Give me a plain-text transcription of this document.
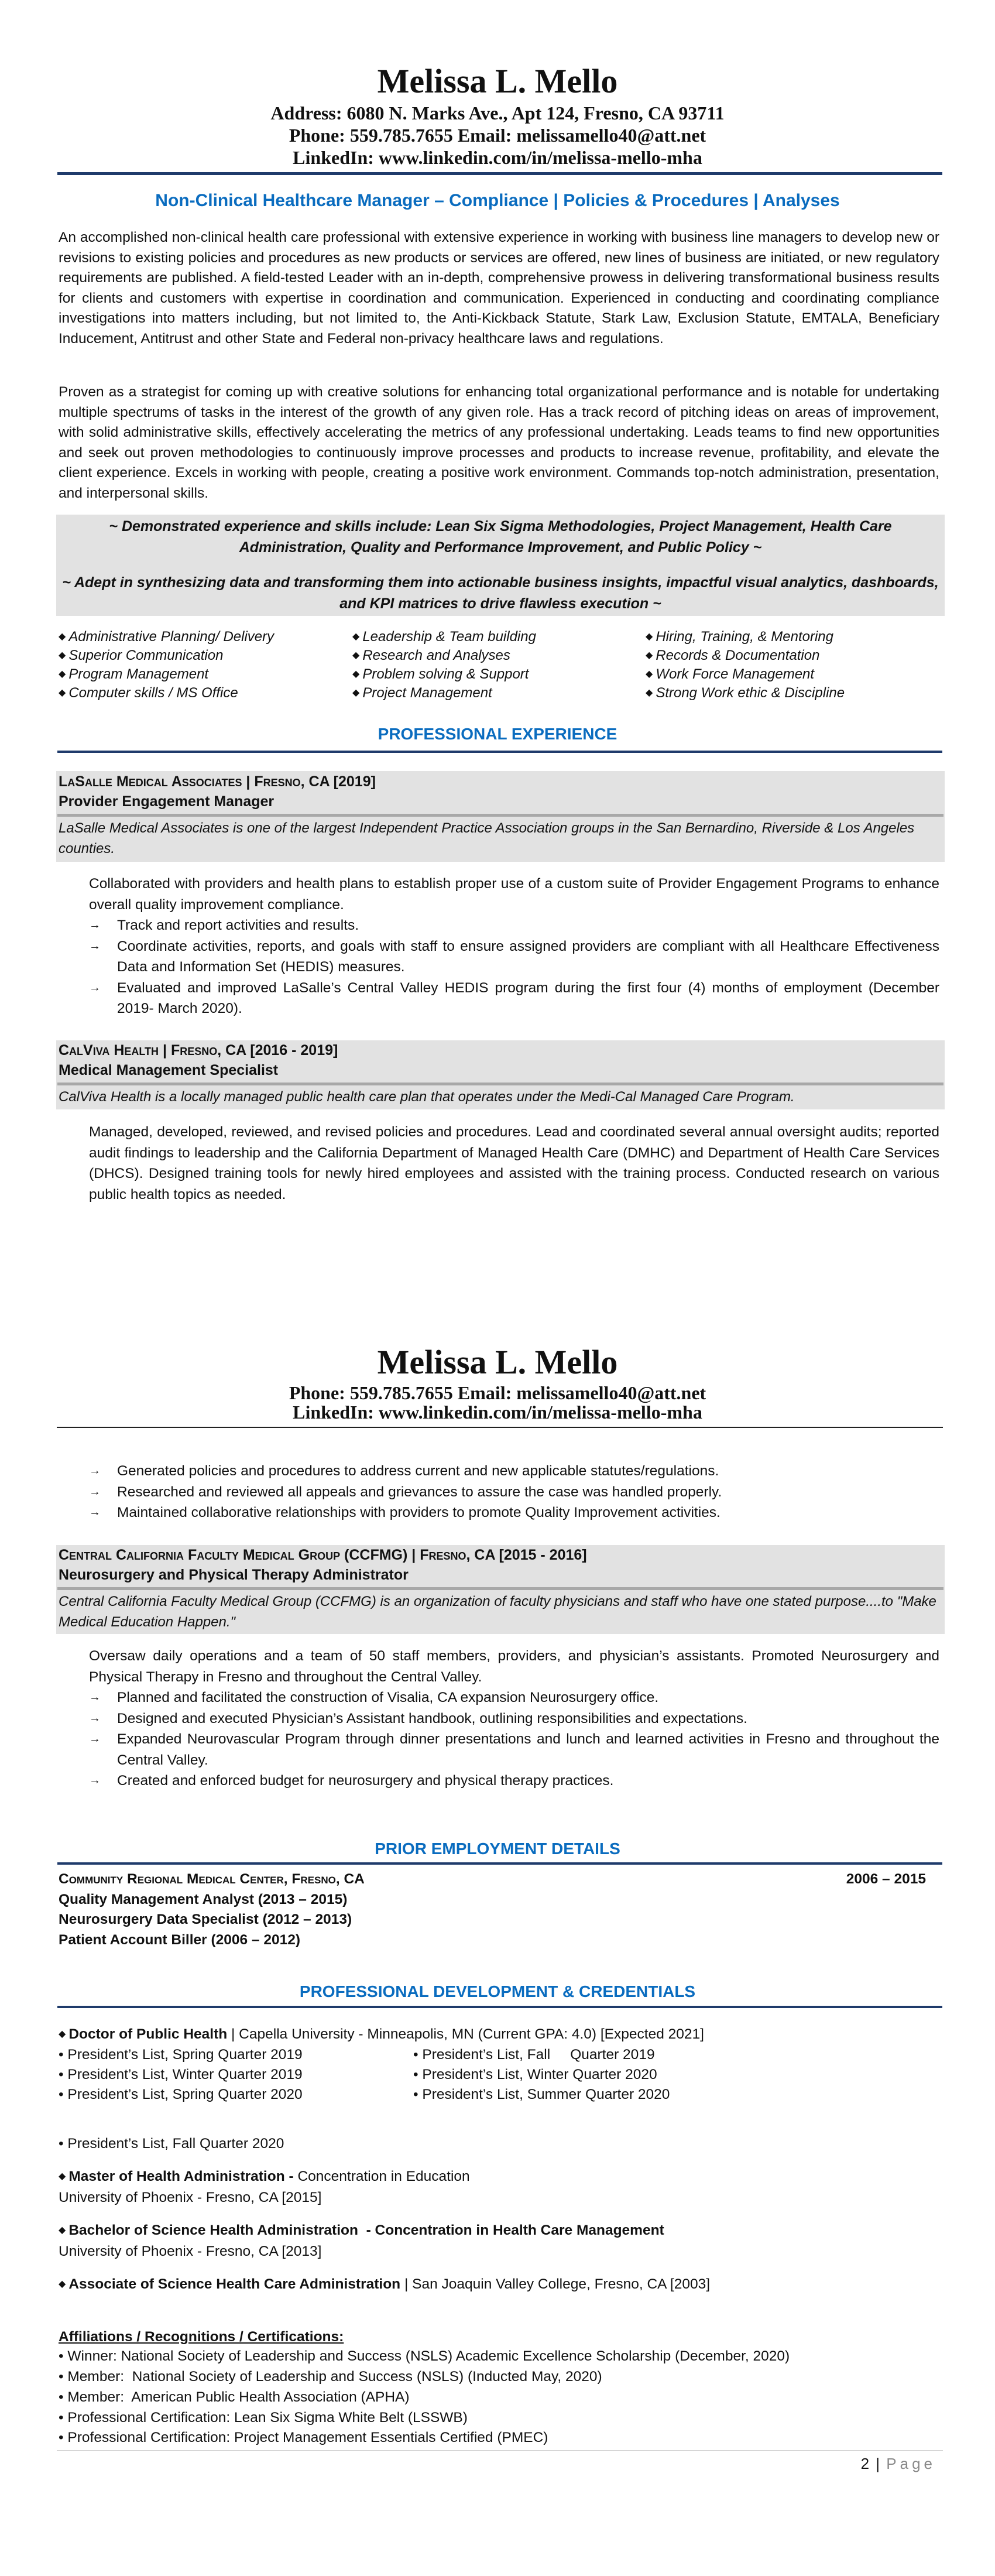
Melissa L. Mello
Address: 6080 N. Marks Ave., Apt 124, Fresno, CA 93711
Phone: 559.785.7655 Email: melissamello40@att.net
LinkedIn: www.linkedin.com/in/melissa-mello-mha
Non-Clinical Healthcare Manager – Compliance | Policies & Procedures | Analyses
An accomplished non-clinical health care professional with extensive experience in working with business line managers to develop new or revisions to existing policies and procedures as new products or services are offered, new lines of business are initiated, or new regulatory requirements are published. A field-tested Leader with an in-depth, comprehensive prowess in delivering transformational business results for clients and customers with expertise in coordination and communication. Experienced in conducting and coordinating compliance investigations into matters including, but not limited to, the Anti-Kickback Statute, Stark Law, Exclusion Statute, EMTALA, Beneficiary Inducement, Antitrust and other State and Federal non-privacy healthcare laws and regulations.
Proven as a strategist for coming up with creative solutions for enhancing total organizational performance and is notable for undertaking multiple spectrums of tasks in the interest of the growth of any given role. Has a track record of pitching ideas on areas of improvement, with solid administrative skills, effectively accelerating the metrics of any professional undertaking. Leads teams to find new opportunities and seek out proven methodologies to continuously improve processes and products to increase revenue, profitability, and elevate the client experience. Excels in working with people, creating a positive work environment. Commands top-notch administration, presentation, and interpersonal skills.
~ Demonstrated experience and skills include: Lean Six Sigma Methodologies, Project Management, Health Care Administration, Quality and Performance Improvement, and Public Policy ~
~ Adept in synthesizing data and transforming them into actionable business insights, impactful visual analytics, dashboards, and KPI matrices to drive flawless execution ~
◆ Administrative Planning/ Delivery	◆ Leadership & Team building	◆ Hiring, Training, & Mentoring
◆ Superior Communication	◆ Research and Analyses	◆ Records & Documentation
◆ Program Management	◆ Problem solving & Support	◆ Work Force Management
◆ Computer skills / MS Office	◆ Project Management	◆ Strong Work ethic & Discipline
PROFESSIONAL EXPERIENCE
LaSalle Medical Associates | Fresno, CA [2019]
Provider Engagement Manager
LaSalle Medical Associates is one of the largest Independent Practice Association groups in the San Bernardino, Riverside & Los Angeles counties.
Collaborated with providers and health plans to establish proper use of a custom suite of Provider Engagement Programs to enhance overall quality improvement compliance.
→	Track and report activities and results.
→	Coordinate activities, reports, and goals with staff to ensure assigned providers are compliant with all Healthcare Effectiveness Data and Information Set (HEDIS) measures.
→	Evaluated and improved LaSalle’s Central Valley HEDIS program during the first four (4) months of employment (December 2019- March 2020).
CalViva Health | Fresno, CA [2016 - 2019]
Medical Management Specialist
CalViva Health is a locally managed public health care plan that operates under the Medi-Cal Managed Care Program.
Managed, developed, reviewed, and revised policies and procedures. Lead and coordinated several annual oversight audits; reported audit findings to leadership and the California Department of Managed Health Care (DMHC) and Department of Health Care Services (DHCS). Designed training tools for newly hired employees and assisted with the training process. Conducted research on various public health topics as needed.
Melissa L. Mello
Phone: 559.785.7655 Email: melissamello40@att.net
LinkedIn: www.linkedin.com/in/melissa-mello-mha
→	Generated policies and procedures to address current and new applicable statutes/regulations.
→	Researched and reviewed all appeals and grievances to assure the case was handled properly.
→	Maintained collaborative relationships with providers to promote Quality Improvement activities.
Central California Faculty Medical Group (CCFMG) | Fresno, CA [2015 - 2016]
Neurosurgery and Physical Therapy Administrator
Central California Faculty Medical Group (CCFMG) is an organization of faculty physicians and staff who have one stated purpose....to "Make Medical Education Happen."
Oversaw daily operations and a team of 50 staff members, providers, and physician’s assistants. Promoted Neurosurgery and Physical Therapy in Fresno and throughout the Central Valley.
→	Planned and facilitated the construction of Visalia, CA expansion Neurosurgery office.
→	Designed and executed Physician’s Assistant handbook, outlining responsibilities and expectations.
→	Expanded Neurovascular Program through dinner presentations and lunch and learned activities in Fresno and throughout the Central Valley.
→	Created and enforced budget for neurosurgery and physical therapy practices.
PRIOR EMPLOYMENT DETAILS
Community Regional Medical Center, Fresno, CA	2006 – 2015
Quality Management Analyst (2013 – 2015)
Neurosurgery Data Specialist (2012 – 2013)
Patient Account Biller (2006 – 2012)
PROFESSIONAL DEVELOPMENT & CREDENTIALS
◆ Doctor of Public Health | Capella University - Minneapolis, MN (Current GPA: 4.0) [Expected 2021]
• President’s List, Spring Quarter 2019	• President’s List, Fall     Quarter 2019
• President’s List, Winter Quarter 2019	• President’s List, Winter Quarter 2020
• President’s List, Spring Quarter 2020	• President’s List, Summer Quarter 2020
• President’s List, Fall Quarter 2020
◆ Master of Health Administration - Concentration in Education
University of Phoenix - Fresno, CA [2015]
◆ Bachelor of Science Health Administration  - Concentration in Health Care Management
University of Phoenix - Fresno, CA [2013]
◆ Associate of Science Health Care Administration | San Joaquin Valley College, Fresno, CA [2003]
Affiliations / Recognitions / Certifications:
• Winner: National Society of Leadership and Success (NSLS) Academic Excellence Scholarship (December, 2020)
• Member:  National Society of Leadership and Success (NSLS) (Inducted May, 2020)
• Member:  American Public Health Association (APHA)
• Professional Certification: Lean Six Sigma White Belt (LSSWB)
• Professional Certification: Project Management Essentials Certified (PMEC)
2 | Page
